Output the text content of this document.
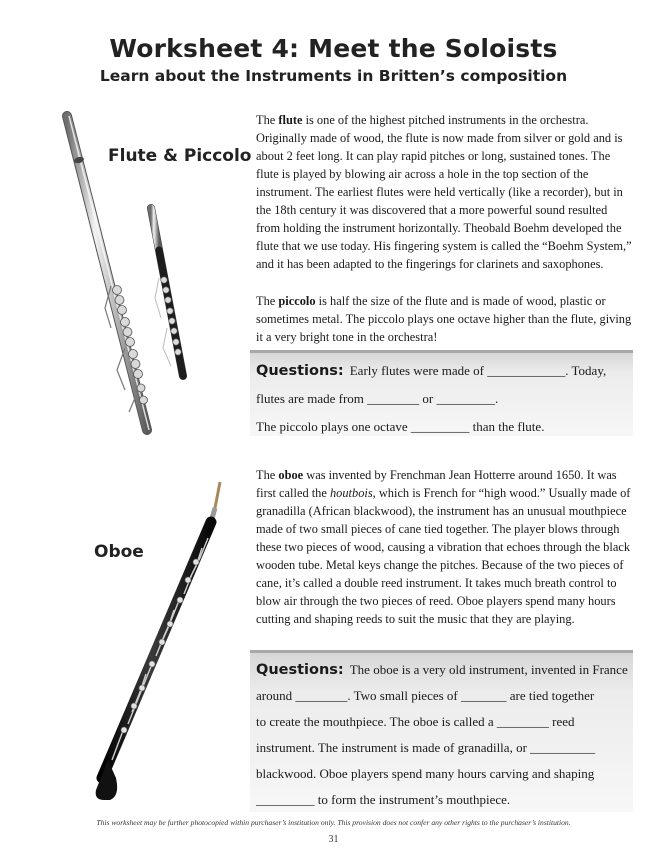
Worksheet 4: Meet the Soloists
Learn about the Instruments in Britten’s composition
Flute & Piccolo

The flute is one of the highest pitched instruments in the orchestra. Originally made of wood, the flute is now made from silver or gold and is about 2 feet long. It can play rapid pitches or long, sustained tones. The flute is played by blowing air across a hole in the top section of the instrument. The earliest flutes were held vertically (like a recorder), but in the 18th century it was discovered that a more powerful sound resulted from holding the instrument horizontally. Theobald Boehm developed the flute that we use today. His fingering system is called the “Boehm System,” and it has been adapted to the fingerings for clarinets and saxophones.

The piccolo is half the size of the flute and is made of wood, plastic or sometimes metal. The piccolo plays one octave higher than the flute, giving it a very bright tone in the orchestra!

Questions: Early flutes were made of ____________. Today,
flutes are made from ________ or _________.
The piccolo plays one octave _________ than the flute.
Oboe

The oboe was invented by Frenchman Jean Hotterre around 1650. It was first called the houtbois, which is French for “high wood.” Usually made of granadilla (African blackwood), the instrument has an unusual mouthpiece made of two small pieces of cane tied together. The player blows through these two pieces of wood, causing a vibration that echoes through the black wooden tube. Metal keys change the pitches. Because of the two pieces of cane, it’s called a double reed instrument. It takes much breath control to blow air through the two pieces of reed. Oboe players spend many hours cutting and shaping reeds to suit the music that they are playing.

Questions: The oboe is a very old instrument, invented in France
around ________. Two small pieces of _______ are tied together
to create the mouthpiece. The oboe is called a ________ reed
instrument. The instrument is made of granadilla, or __________
blackwood. Oboe players spend many hours carving and shaping
_________ to form the instrument’s mouthpiece.
This worksheet may be further photocopied within purchaser’s institution only. This provision does not confer any other rights to the purchaser’s institution.
31
